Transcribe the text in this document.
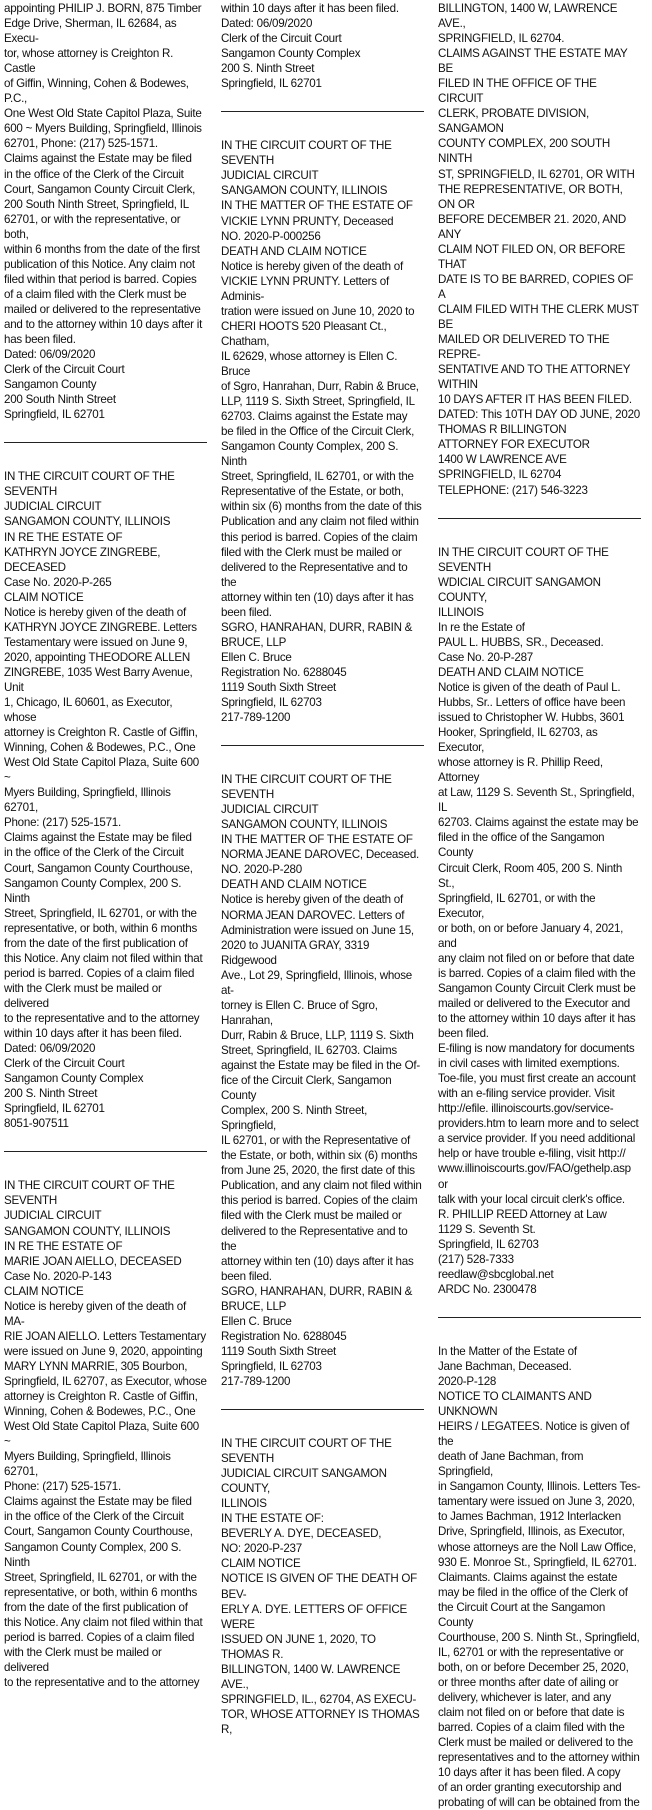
appointing PHILIP J. BORN, 875 Timber
Edge Drive, Sherman, IL 62684, as Execu-
tor, whose attorney is Creighton R. Castle
of Giffin, Winning, Cohen & Bodewes, P.C.,
One West Old State Capitol Plaza, Suite
600 ~ Myers Building, Springfield, Illinois
62701, Phone: (217) 525-1571.
Claims against the Estate may be filed
in the office of the Clerk of the Circuit
Court, Sangamon County Circuit Clerk,
200 South Ninth Street, Springfield, IL
62701, or with the representative, or both,
within 6 months from the date of the first
publication of this Notice. Any claim not
filed within that period is barred. Copies
of a claim filed with the Clerk must be
mailed or delivered to the representative
and to the attorney within 10 days after it
has been filed.
Dated: 06/09/2020
Clerk of the Circuit Court
Sangamon County
200 South Ninth Street
Springfield, IL 62701

IN THE CIRCUIT COURT OF THE SEVENTH
JUDICIAL CIRCUIT
SANGAMON COUNTY, ILLINOIS
IN RE THE ESTATE OF
KATHRYN JOYCE ZINGREBE, DECEASED
Case No. 2020-P-265
CLAIM NOTICE
Notice is hereby given of the death of
KATHRYN JOYCE ZINGREBE. Letters
Testamentary were issued on June 9,
2020, appointing THEODORE ALLEN
ZINGREBE, 1035 West Barry Avenue, Unit
1, Chicago, IL 60601, as Executor, whose
attorney is Creighton R. Castle of Giffin,
Winning, Cohen & Bodewes, P.C., One
West Old State Capitol Plaza, Suite 600 ~
Myers Building, Springfield, Illinois 62701,
Phone: (217) 525-1571.
Claims against the Estate may be filed
in the office of the Clerk of the Circuit
Court, Sangamon County Courthouse,
Sangamon County Complex, 200 S. Ninth
Street, Springfield, IL 62701, or with the
representative, or both, within 6 months
from the date of the first publication of
this Notice. Any claim not filed within that
period is barred. Copies of a claim filed
with the Clerk must be mailed or delivered
to the representative and to the attorney
within 10 days after it has been filed.
Dated: 06/09/2020
Clerk of the Circuit Court
Sangamon County Complex
200 S. Ninth Street
Springfield, IL 62701
8051-907511

IN THE CIRCUIT COURT OF THE SEVENTH
JUDICIAL CIRCUIT
SANGAMON COUNTY, ILLINOIS
IN RE THE ESTATE OF
MARIE JOAN AIELLO, DECEASED
Case No. 2020-P-143
CLAIM NOTICE
Notice is hereby given of the death of MA-
RIE JOAN AIELLO. Letters Testamentary
were issued on June 9, 2020, appointing
MARY LYNN MARRIE, 305 Bourbon,
Springfield, IL 62707, as Executor, whose
attorney is Creighton R. Castle of Giffin,
Winning, Cohen & Bodewes, P.C., One
West Old State Capitol Plaza, Suite 600 ~
Myers Building, Springfield, Illinois 62701,
Phone: (217) 525-1571.
Claims against the Estate may be filed
in the office of the Clerk of the Circuit
Court, Sangamon County Courthouse,
Sangamon County Complex, 200 S. Ninth
Street, Springfield, IL 62701, or with the
representative, or both, within 6 months
from the date of the first publication of
this Notice. Any claim not filed within that
period is barred. Copies of a claim filed
with the Clerk must be mailed or delivered
to the representative and to the attorney

within 10 days after it has been filed.
Dated: 06/09/2020
Clerk of the Circuit Court
Sangamon County Complex
200 S. Ninth Street
Springfield, IL 62701

IN THE CIRCUIT COURT OF THE SEVENTH
JUDICIAL CIRCUIT
SANGAMON COUNTY, ILLINOIS
IN THE MATTER OF THE ESTATE OF
VICKIE LYNN PRUNTY, Deceased
NO. 2020-P-000256
DEATH AND CLAIM NOTICE
Notice is hereby given of the death of
VICKIE LYNN PRUNTY. Letters of Adminis-
tration were issued on June 10, 2020 to
CHERI HOOTS 520 Pleasant Ct., Chatham,
IL 62629, whose attorney is Ellen C. Bruce
of Sgro, Hanrahan, Durr, Rabin & Bruce,
LLP, 1119 S. Sixth Street, Springfield, IL
62703. Claims against the Estate may
be filed in the Office of the Circuit Clerk,
Sangamon County Complex, 200 S. Ninth
Street, Springfield, IL 62701, or with the
Representative of the Estate, or both,
within six (6) months from the date of this
Publication and any claim not filed within
this period is barred. Copies of the claim
filed with the Clerk must be mailed or
delivered to the Representative and to the
attorney within ten (10) days after it has
been filed.
SGRO, HANRAHAN, DURR, RABIN &
BRUCE, LLP
Ellen C. Bruce
Registration No. 6288045
1119 South Sixth Street
Springfield, IL 62703
217-789-1200

IN THE CIRCUIT COURT OF THE SEVENTH
JUDICIAL CIRCUIT
SANGAMON COUNTY, ILLINOIS
IN THE MATTER OF THE ESTATE OF
NORMA JEANE DAROVEC, Deceased.
NO. 2020-P-280
DEATH AND CLAIM NOTICE
Notice is hereby given of the death of
NORMA JEAN DAROVEC. Letters of
Administration were issued on June 15,
2020 to JUANITA GRAY, 3319 Ridgewood
Ave., Lot 29, Springfield, Illinois, whose at-
torney is Ellen C. Bruce of Sgro, Hanrahan,
Durr, Rabin & Bruce, LLP, 1119 S. Sixth
Street, Springfield, IL 62703. Claims
against the Estate may be filed in the Of-
fice of the Circuit Clerk, Sangamon County
Complex, 200 S. Ninth Street, Springfield,
IL 62701, or with the Representative of
the Estate, or both, within six (6) months
from June 25, 2020, the first date of this
Publication, and any claim not filed within
this period is barred. Copies of the claim
filed with the Clerk must be mailed or
delivered to the Representative and to the
attorney within ten (10) days after it has
been filed.
SGRO, HANRAHAN, DURR, RABIN &
BRUCE, LLP
Ellen C. Bruce
Registration No. 6288045
1119 South Sixth Street
Springfield, IL 62703
217-789-1200

IN THE CIRCUIT COURT OF THE SEVENTH
JUDICIAL CIRCUIT SANGAMON COUNTY,
ILLINOIS
IN THE ESTATE OF:
BEVERLY A. DYE, DECEASED,
NO: 2020-P-237
CLAIM NOTICE
NOTICE IS GIVEN OF THE DEATH OF BEV-
ERLY A. DYE. LETTERS OF OFFICE WERE
ISSUED ON JUNE 1, 2020, TO THOMAS R.
BILLINGTON, 1400 W. LAWRENCE AVE.,
SPRINGFIELD, IL., 62704, AS EXECU-
TOR, WHOSE ATTORNEY IS THOMAS R,

BILLINGTON, 1400 W, LAWRENCE AVE.,
SPRINGFIELD, IL 62704.
CLAIMS AGAINST THE ESTATE MAY BE
FILED IN THE OFFICE OF THE CIRCUIT
CLERK, PROBATE DIVISION, SANGAMON
COUNTY COMPLEX, 200 SOUTH NINTH
ST, SPRINGFIELD, IL 62701, OR WITH
THE REPRESENTATIVE, OR BOTH, ON OR
BEFORE DECEMBER 21. 2020, AND ANY
CLAIM NOT FILED ON, OR BEFORE THAT
DATE IS TO BE BARRED, COPIES OF A
CLAIM FILED WITH THE CLERK MUST BE
MAILED OR DELIVERED TO THE REPRE-
SENTATIVE AND TO THE ATTORNEY WITHIN
10 DAYS AFTER IT HAS BEEN FILED.
DATED: This 10TH DAY OD JUNE, 2020
THOMAS R BILLINGTON
ATTORNEY FOR EXECUTOR
1400 W LAWRENCE AVE
SPRINGFIELD, IL 62704
TELEPHONE: (217) 546-3223

IN THE CIRCUIT COURT OF THE SEVENTH
WDICIAL CIRCUIT SANGAMON COUNTY,
ILLINOIS
In re the Estate of
PAUL L. HUBBS, SR., Deceased.
Case No. 20-P-287
DEATH AND CLAIM NOTICE
Notice is given of the death of Paul L.
Hubbs, Sr.. Letters of office have been
issued to Christopher W. Hubbs, 3601
Hooker, Springfield, IL 62703, as Executor,
whose attorney is R. Phillip Reed, Attorney
at Law, 1129 S. Seventh St., Springfield, IL
62703. Claims against the estate may be
filed in the office of the Sangamon County
Circuit Clerk, Room 405, 200 S. Ninth St.,
Springfield, IL 62701, or with the Executor,
or both, on or before January 4, 2021, and
any claim not filed on or before that date
is barred. Copies of a claim filed with the
Sangamon County Circuit Clerk must be
mailed or delivered to the Executor and
to the attorney within 10 days after it has
been filed.
E-filing is now mandatory for documents
in civil cases with limited exemptions.
Toe-file, you must first create an account
with an e-filing service provider. Visit
http://efile. illinoiscourts.gov/service-
providers.htm to learn more and to select
a service provider. If you need additional
help or have trouble e-filing, visit http://
www.illinoiscourts.gov/FAO/gethelp.asp or
talk with your local circuit clerk's office.
R. PHILLIP REED Attorney at Law
1129 S. Seventh St.
Springfield, IL 62703
(217) 528-7333
reedlaw@sbcglobal.net
ARDC No. 2300478

In the Matter of the Estate of
Jane Bachman, Deceased.
2020-P-128
NOTICE TO CLAIMANTS AND UNKNOWN
HEIRS / LEGATEES. Notice is given of the
death of Jane Bachman, from Springfield,
in Sangamon County, Illinois. Letters Tes-
tamentary were issued on June 3, 2020,
to James Bachman, 1912 Interlacken
Drive, Springfield, Illinois, as Executor,
whose attorneys are the Noll Law Office,
930 E. Monroe St., Springfield, IL 62701.
Claimants. Claims against the estate
may be filed in the office of the Clerk of
the Circuit Court at the Sangamon County
Courthouse, 200 S. Ninth St., Springfield,
IL, 62701 or with the representative or
both, on or before December 25, 2020,
or three months after date of ailing or
delivery, whichever is later, and any
claim not filed on or before that date is
barred. Copies of a claim filed with the
Clerk must be mailed or delivered to the
representatives and to the attorney within
10 days after it has been filed. A copy
of an order granting executorship and
probating of will can be obtained from the
